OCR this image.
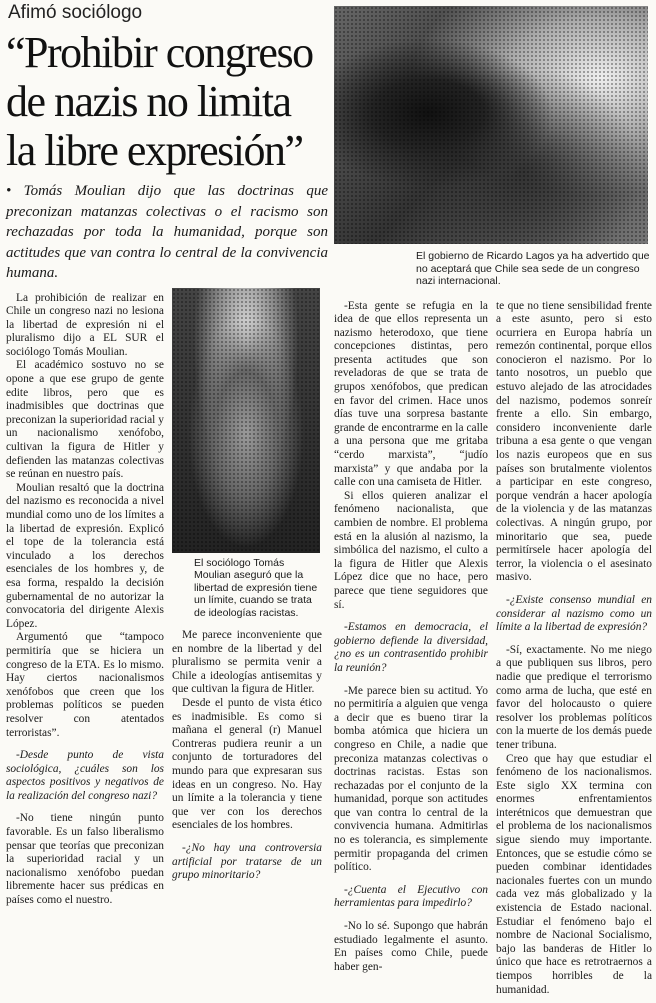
Afimó sociólogo
“Prohibir congreso de nazis no limita la libre expresión”

• Tomás Moulian dijo que las doctrinas que preconizan matanzas colectivas o el racismo son rechazadas por toda la humanidad, porque son actitudes que van contra lo central de la convivencia humana.

La prohibición de realizar en Chile un congreso nazi no lesiona la libertad de expresión ni el pluralismo dijo a EL SUR el sociólogo Tomás Moulian.

El académico sostuvo no se opone a que ese grupo de gente edite libros, pero que es inadmisibles que doctrinas que preconizan la superioridad racial y un nacionalismo xenófobo, cultivan la figura de Hitler y defienden las matanzas colectivas se reúnan en nuestro país.

Moulian resaltó que la doctrina del nazismo es reconocida a nivel mundial como uno de los límites a la libertad de expresión. Explicó el tope de la tolerancia está vinculado a los derechos esenciales de los hombres y, de esa forma, respaldo la decisión gubernamental de no autorizar la convocatoria del dirigente Alexis López.

Argumentó que “tampoco permitiría que se hiciera un congreso de la ETA. Es lo mismo. Hay ciertos nacionalismos xenófobos que creen que los problemas políticos se pueden resolver con atentados terroristas”.

-Desde punto de vista sociológica, ¿cuáles son los aspectos positivos y negativos de la realización del congreso nazi?

-No tiene ningún punto favorable. Es un falso liberalismo pensar que teorías que preconizan la superioridad racial y un nacionalismo xenófobo puedan libremente hacer sus prédicas en países como el nuestro.

El sociólogo Tomás Moulian aseguró que la libertad de expresión tiene un límite, cuando se trata de ideologías racistas.

Me parece inconveniente que en nombre de la libertad y del pluralismo se permita venir a Chile a ideologías antisemitas y que cultivan la figura de Hitler.

Desde el punto de vista ético es inadmisible. Es como si mañana el general (r) Manuel Contreras pudiera reunir a un conjunto de torturadores del mundo para que expresaran sus ideas en un congreso. No. Hay un límite a la tolerancia y tiene que ver con los derechos esenciales de los hombres.

-¿No hay una controversia artificial por tratarse de un grupo minoritario?

El gobierno de Ricardo Lagos ya ha advertido que no aceptará que Chile sea sede de un congreso nazi internacional.

-Esta gente se refugia en la idea de que ellos representa un nazismo heterodoxo, que tiene concepciones distintas, pero presenta actitudes que son reveladoras de que se trata de grupos xenófobos, que predican en favor del crimen. Hace unos días tuve una sorpresa bastante grande de encontrarme en la calle a una persona que me gritaba “cerdo marxista”, “judío marxista” y que andaba por la calle con una camiseta de Hitler.

Si ellos quieren analizar el fenómeno nacionalista, que cambien de nombre. El problema está en la alusión al nazismo, la simbólica del nazismo, el culto a la figura de Hitler que Alexis López dice que no hace, pero parece que tiene seguidores que sí.

-Estamos en democracia, el gobierno defiende la diversidad, ¿no es un contrasentido prohibir la reunión?

-Me parece bien su actitud. Yo no permitiría a alguien que venga a decir que es bueno tirar la bomba atómica que hiciera un congreso en Chile, a nadie que preconiza matanzas colectivas o doctrinas racistas. Estas son rechazadas por el conjunto de la humanidad, porque son actitudes que van contra lo central de la convivencia humana. Admitirlas no es tolerancia, es simplemente permitir propaganda del crimen político.

-¿Cuenta el Ejecutivo con herramientas para impedirlo?

-No lo sé. Supongo que habrán estudiado legalmente el asunto. En países como Chile, puede haber gen-

te que no tiene sensibilidad frente a este asunto, pero si esto ocurriera en Europa habría un remezón continental, porque ellos conocieron el nazismo. Por lo tanto nosotros, un pueblo que estuvo alejado de las atrocidades del nazismo, podemos sonreír frente a ello. Sin embargo, considero inconveniente darle tribuna a esa gente o que vengan los nazis europeos que en sus países son brutalmente violentos a participar en este congreso, porque vendrán a hacer apología de la violencia y de las matanzas colectivas. A ningún grupo, por minoritario que sea, puede permitírsele hacer apología del terror, la violencia o el asesinato masivo.

-¿Existe consenso mundial en considerar al nazismo como un límite a la libertad de expresión?

-Sí, exactamente. No me niego a que publiquen sus libros, pero nadie que predique el terrorismo como arma de lucha, que esté en favor del holocausto o quiere resolver los problemas políticos con la muerte de los demás puede tener tribuna.

Creo que hay que estudiar el fenómeno de los nacionalismos. Este siglo XX termina con enormes enfrentamientos interétnicos que demuestran que el problema de los nacionalismos sigue siendo muy importante. Entonces, que se estudie cómo se pueden combinar identidades nacionales fuertes con un mundo cada vez más globalizado y la existencia de Estado nacional. Estudiar el fenómeno bajo el nombre de Nacional Socialismo, bajo las banderas de Hitler lo único que hace es retrotraernos a tiempos horribles de la humanidad.
